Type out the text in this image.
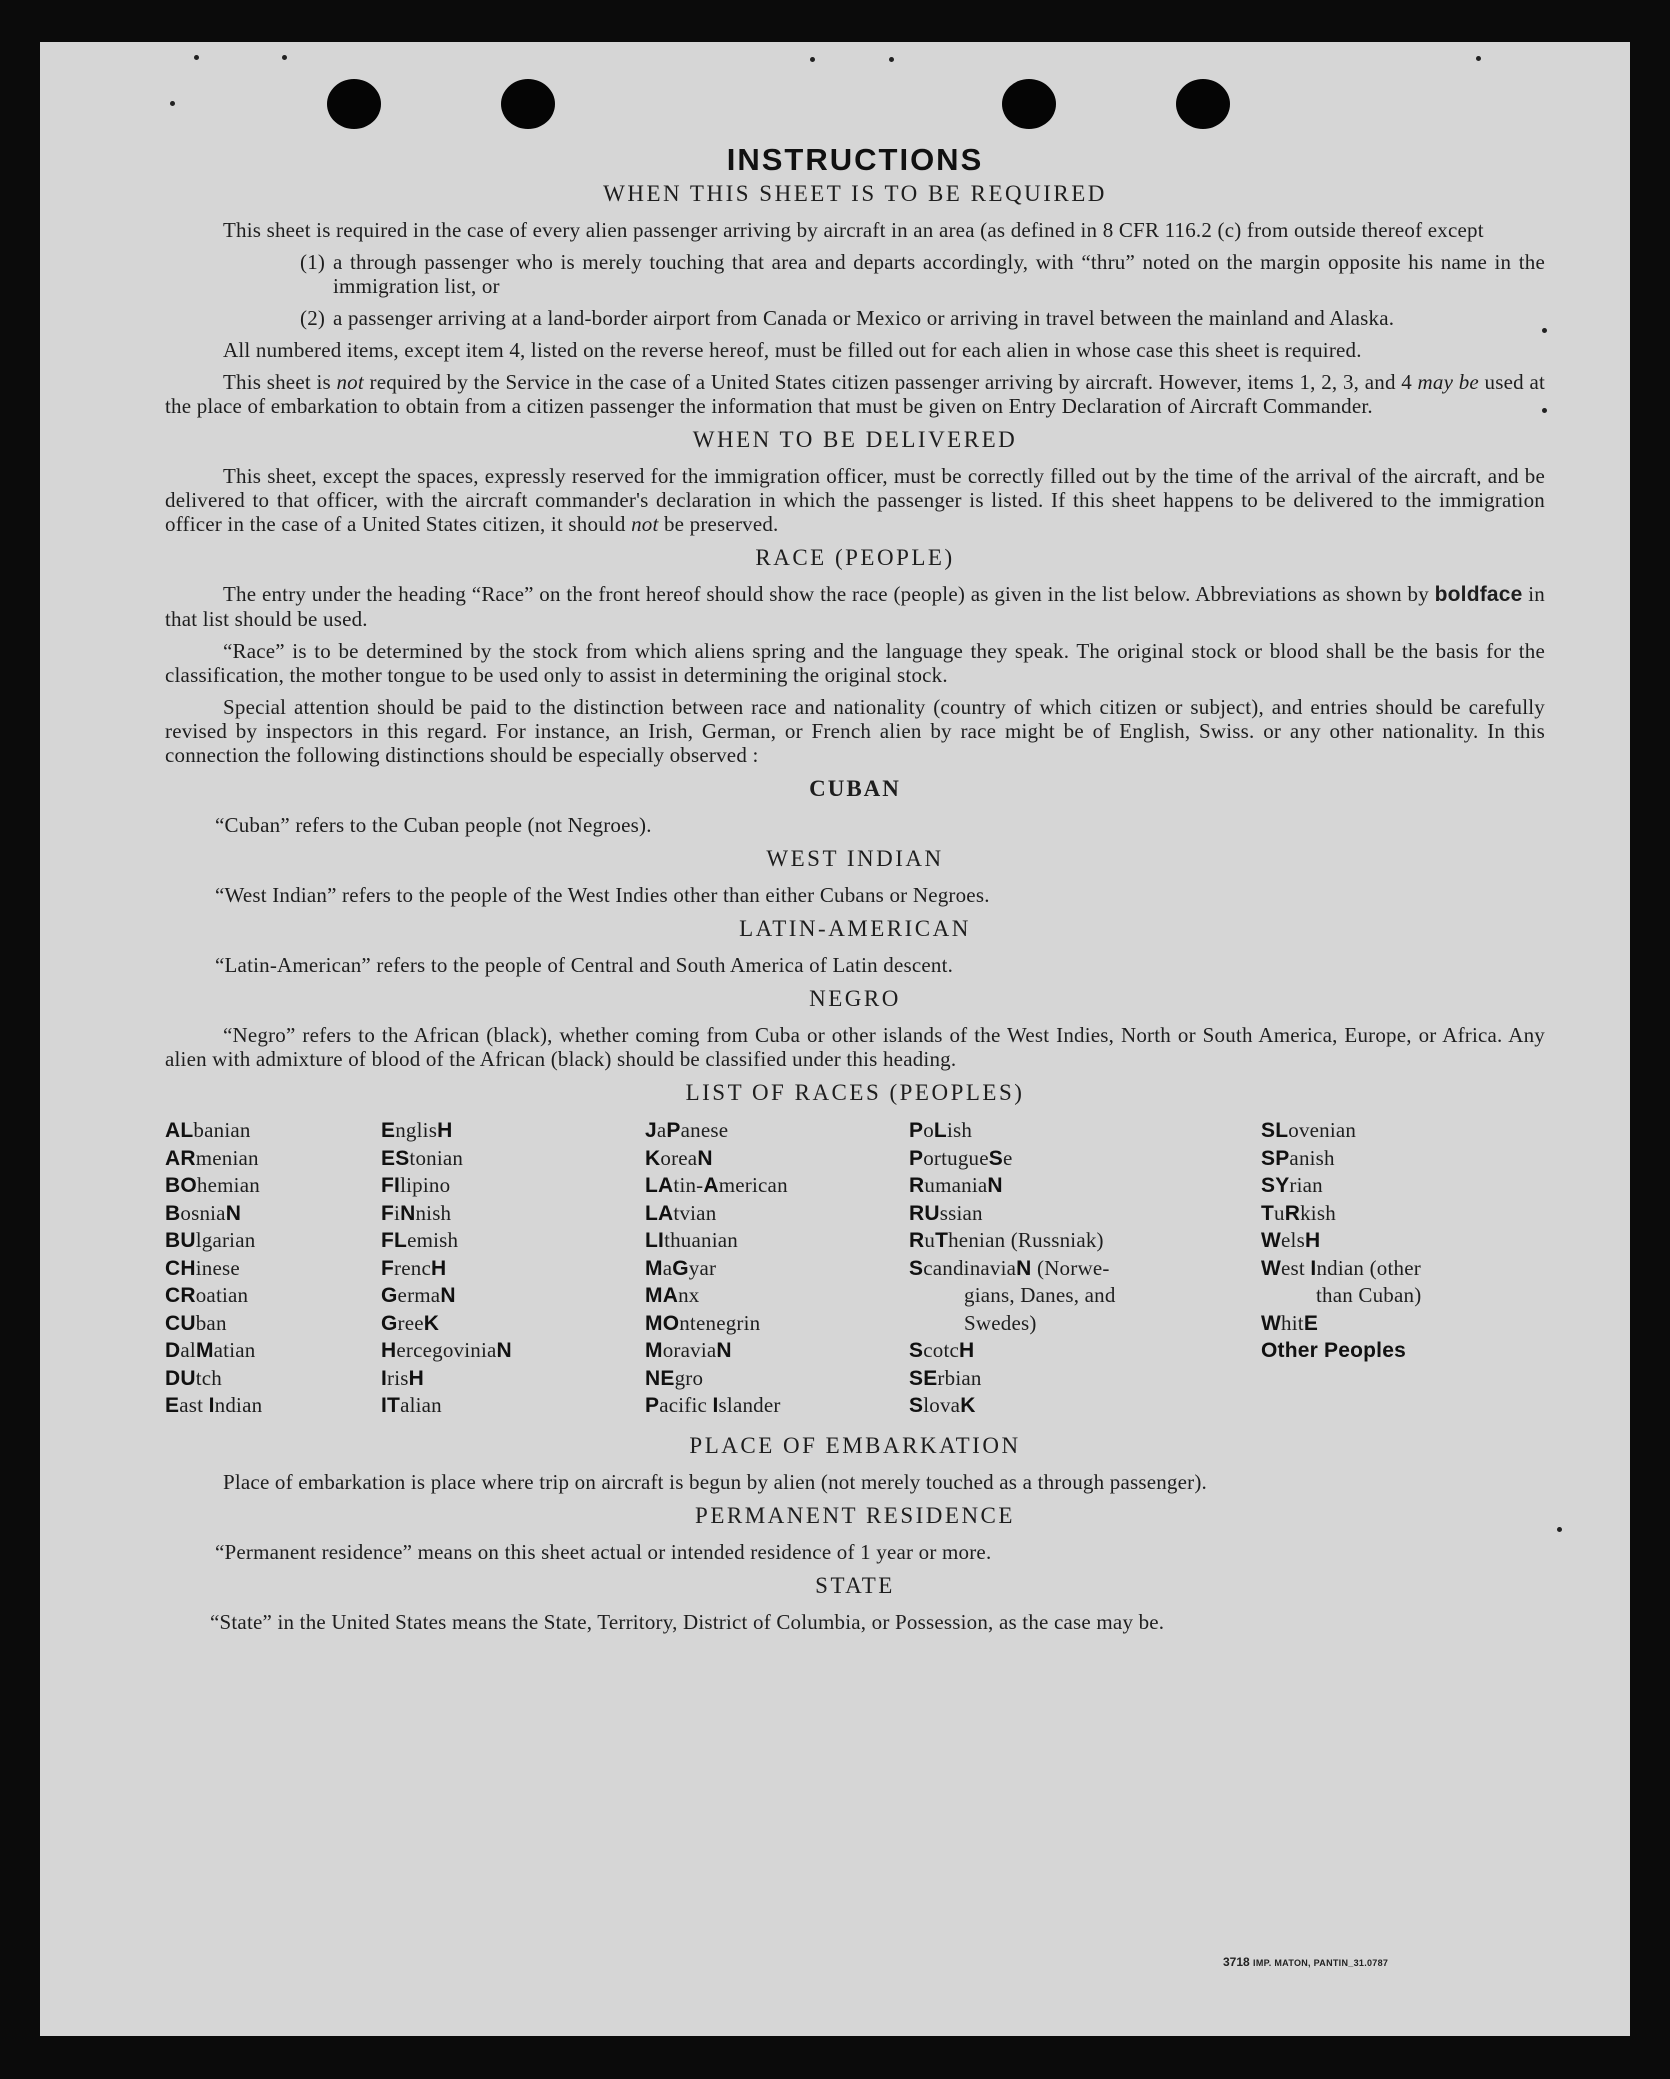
INSTRUCTIONS
WHEN THIS SHEET IS TO BE REQUIRED

This sheet is required in the case of every alien passenger arriving by aircraft in an area (as defined in 8 CFR 116.2 (c) from outside thereof except

(1) a through passenger who is merely touching that area and departs accordingly, with “thru” noted on the margin opposite his name in the immigration list, or
(2) a passenger arriving at a land-border airport from Canada or Mexico or arriving in travel between the mainland and Alaska.

All numbered items, except item 4, listed on the reverse hereof, must be filled out for each alien in whose case this sheet is required.

This sheet is not required by the Service in the case of a United States citizen passenger arriving by aircraft. However, items 1, 2, 3, and 4 may be used at the place of embarkation to obtain from a citizen passenger the information that must be given on Entry Declaration of Aircraft Commander.

WHEN TO BE DELIVERED

This sheet, except the spaces, expressly reserved for the immigration officer, must be correctly filled out by the time of the arrival of the aircraft, and be delivered to that officer, with the aircraft commander's declaration in which the passenger is listed. If this sheet happens to be delivered to the immigration officer in the case of a United States citizen, it should not be preserved.

RACE (PEOPLE)

The entry under the heading “Race” on the front hereof should show the race (people) as given in the list below. Abbreviations as shown by boldface in that list should be used.

“Race” is to be determined by the stock from which aliens spring and the language they speak. The original stock or blood shall be the basis for the classification, the mother tongue to be used only to assist in determining the original stock.

Special attention should be paid to the distinction between race and nationality (country of which citizen or subject), and entries should be carefully revised by inspectors in this regard. For instance, an Irish, German, or French alien by race might be of English, Swiss. or any other nationality. In this connection the following distinctions should be especially observed :

CUBAN
“Cuban” refers to the Cuban people (not Negroes).
WEST INDIAN
“West Indian” refers to the people of the West Indies other than either Cubans or Negroes.
LATIN-AMERICAN
“Latin-American” refers to the people of Central and South America of Latin descent.
NEGRO

“Negro” refers to the African (black), whether coming from Cuba or other islands of the West Indies, North or South America, Europe, or Africa. Any alien with admixture of blood of the African (black) should be classified under this heading.

LIST OF RACES (PEOPLES)
ALbanian
ARmenian
BOhemian
BosniaN
BUlgarian
CHinese
CRoatian
CUban
DalMatian
DUtch
East Indian
EnglisH
EStonian
FIlipino
FiNnish
FLemish
FrencH
GermaN
GreeK
HercegoviniaN
IrisH
ITalian
JaPanese
KoreaN
LAtin-American
LAtvian
LIthuanian
MaGyar
MAnx
MOntenegrin
MoraviaN
NEgro
Pacific Islander
PoLish
PortugueSe
RumaniaN
RUssian
RuThenian (Russniak)
ScandinaviaN (Norwe-
gians, Danes, and
Swedes)
ScotcH
SErbian
SlovaK
SLovenian
SPanish
SYrian
TuRkish
WelsH
West Indian (other
than Cuban)
WhitE
Other Peoples
PLACE OF EMBARKATION

Place of embarkation is place where trip on aircraft is begun by alien (not merely touched as a through passenger).

PERMANENT RESIDENCE
“Permanent residence” means on this sheet actual or intended residence of 1 year or more.
STATE
“State” in the United States means the State, Territory, District of Columbia, or Possession, as the case may be.
3718 IMP. MATON, PANTIN_31.0787
